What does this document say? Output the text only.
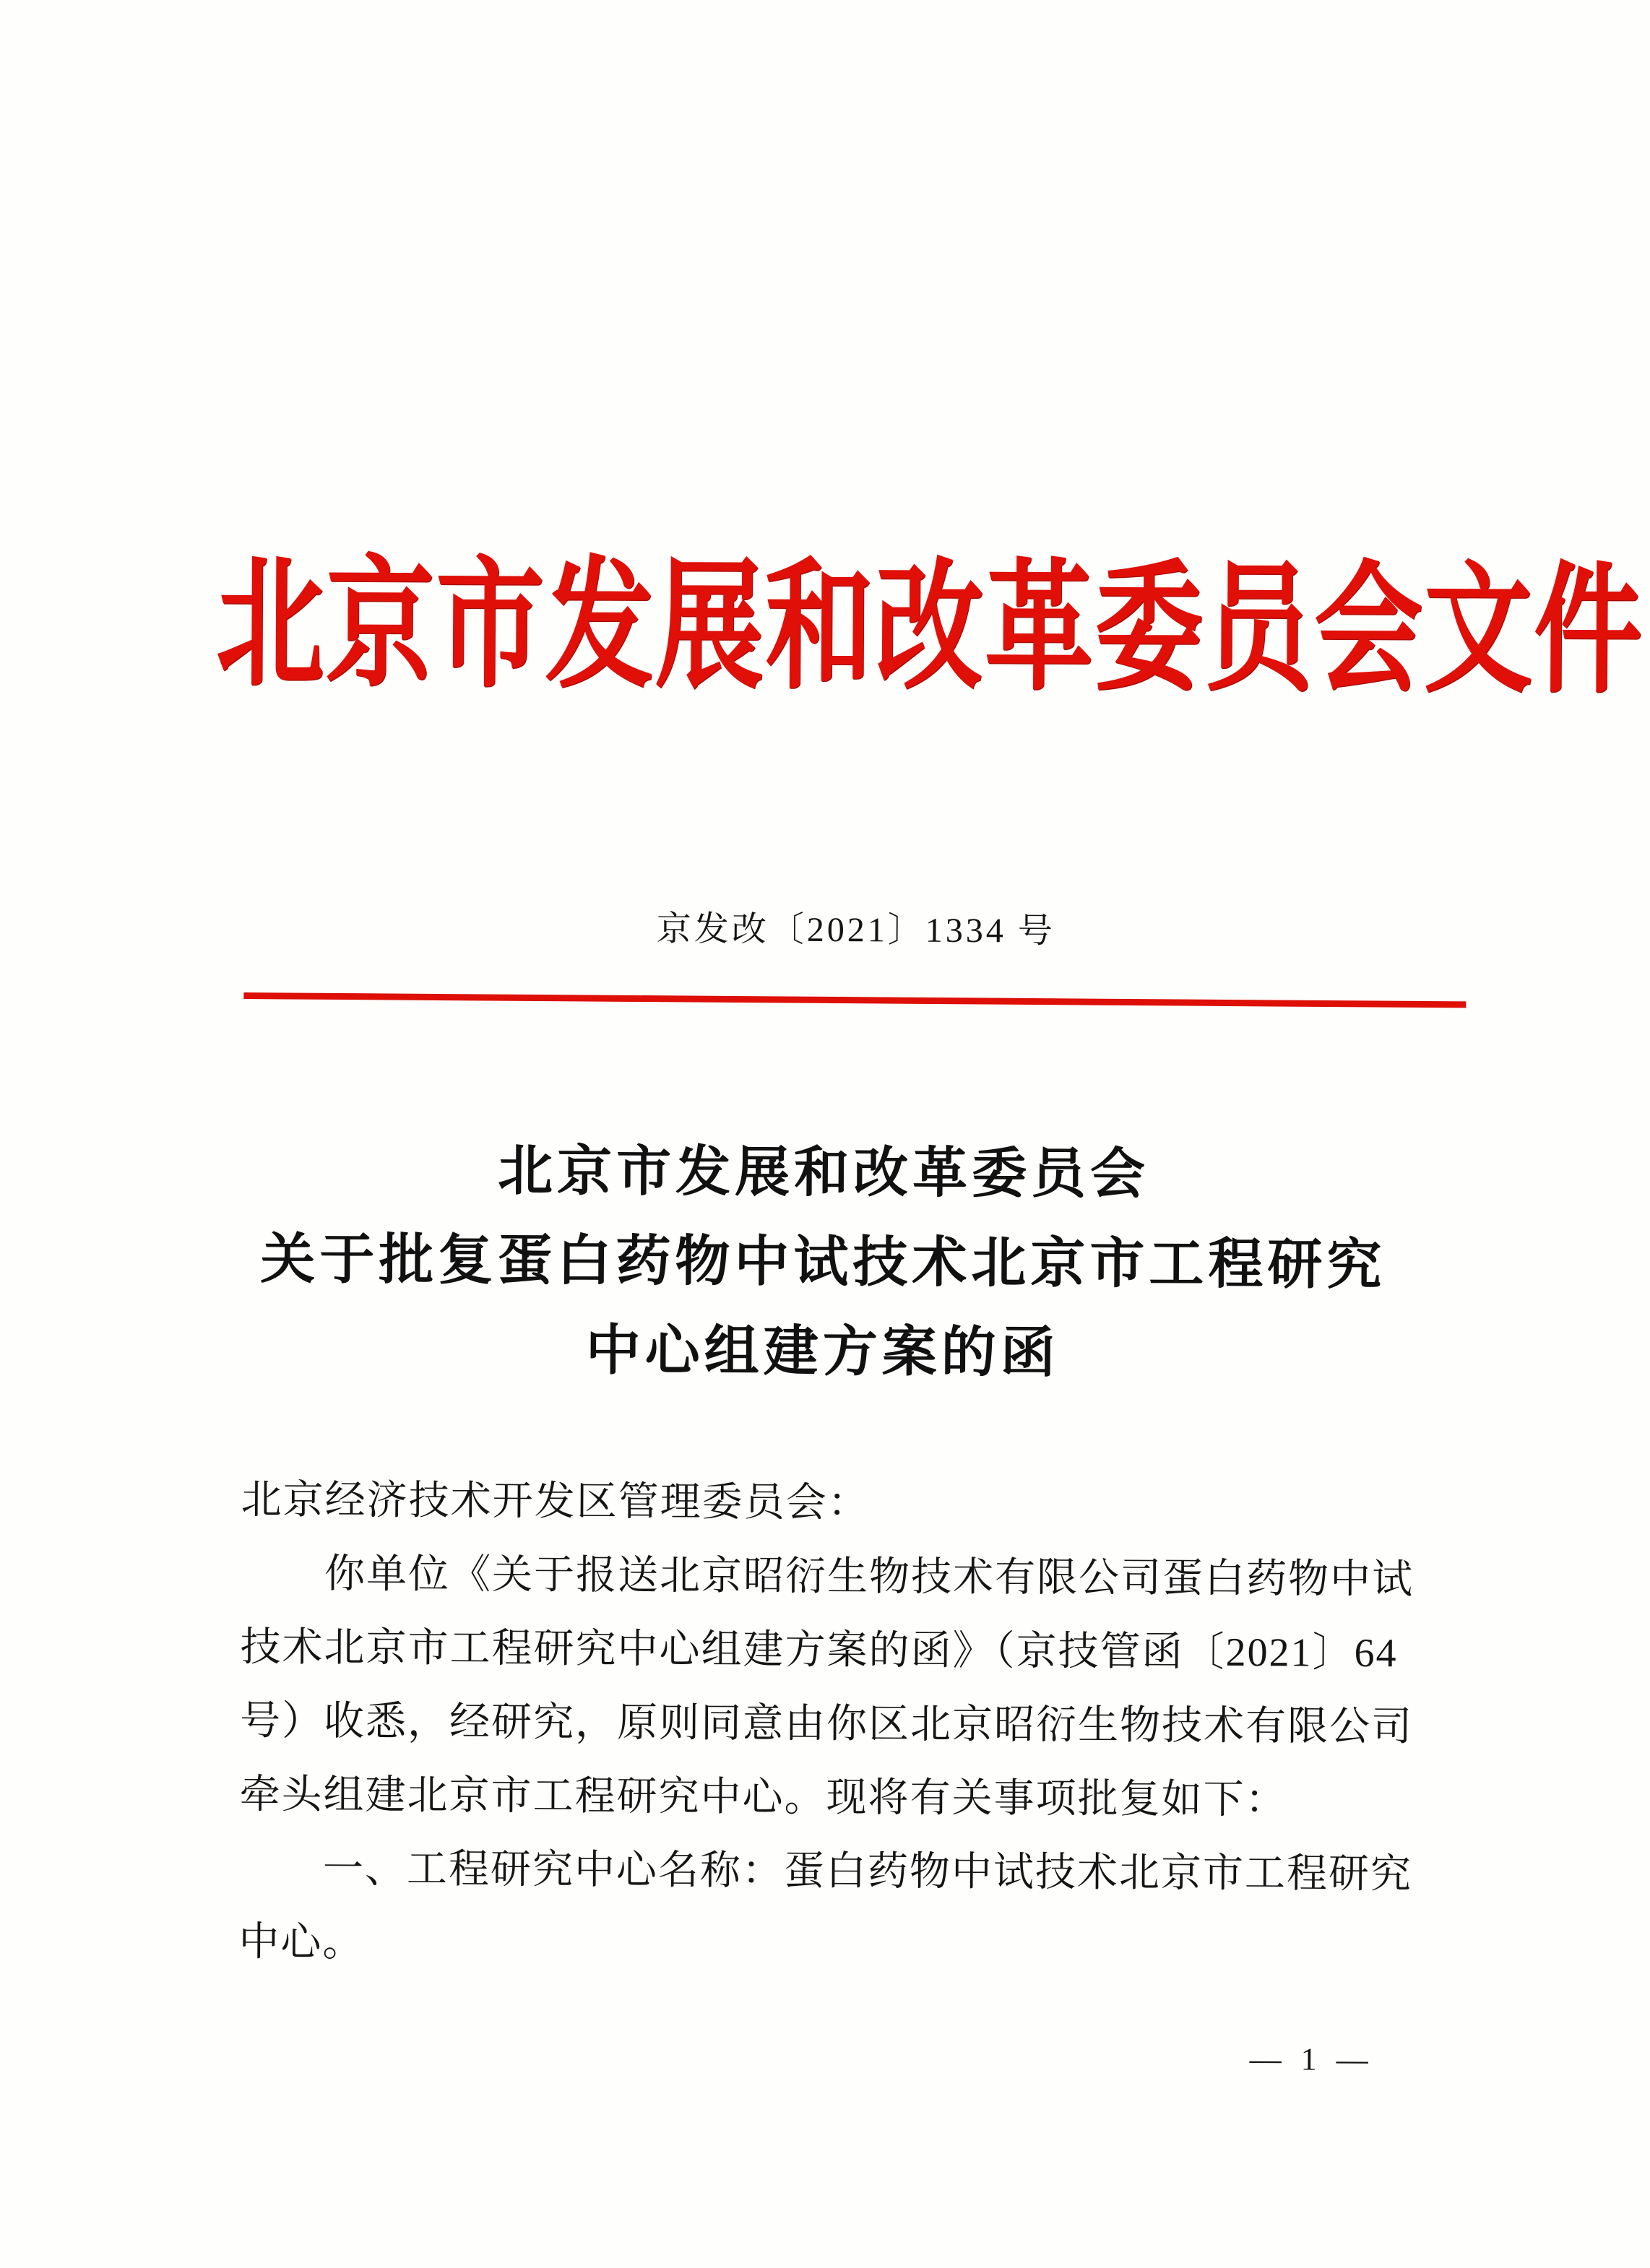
北京市发展和改革委员会文件
京发改〔2021〕1334 号
北京市发展和改革委员会
关于批复蛋白药物中试技术北京市工程研究
中心组建方案的函
北京经济技术开发区管理委员会：
你单位《关于报送北京昭衍生物技术有限公司蛋白药物中试
技术北京市工程研究中心组建方案的函》（京技管函〔2021〕64
号）收悉，经研究，原则同意由你区北京昭衍生物技术有限公司
牵头组建北京市工程研究中心。现将有关事项批复如下：
一、工程研究中心名称：蛋白药物中试技术北京市工程研究
中心。
— 1 —
